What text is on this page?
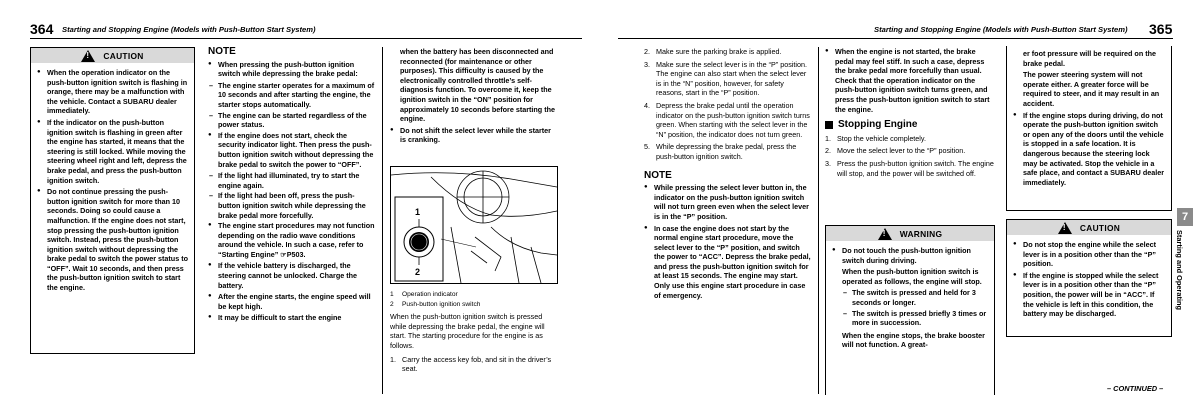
364 Starting and Stopping Engine (Models with Push-Button Start System)
!
CAUTION
● When the operation indicator on the push-button ignition switch is flashing in orange, there may be a malfunction with the vehicle. Contact a SUBARU dealer immediately.
● If the indicator on the push-button ignition switch is flashing in green after the engine has started, it means that the steering is still locked. While moving the steering wheel right and left, depress the brake pedal, and press the push-button ignition switch.
● Do not continue pressing the push-button ignition switch for more than 10 seconds. Doing so could cause a malfunction. If the engine does not start, stop pressing the push-button ignition switch. Instead, press the push-button ignition switch without depressing the brake pedal to switch the power status to “OFF”. Wait 10 seconds, and then press the push-button ignition switch to start the engine.
NOTE
● When pressing the push-button ignition switch while depressing the brake pedal:
– The engine starter operates for a maximum of 10 seconds and after starting the engine, the starter stops automatically.
– The engine can be started regardless of the power status.
● If the engine does not start, check the security indicator light. Then press the push-button ignition switch without depressing the brake pedal to switch the power to “OFF”.
– If the light had illuminated, try to start the engine again.
– If the light had been off, press the push-button ignition switch while depressing the brake pedal more forcefully.
● The engine start procedures may not function depending on the radio wave conditions around the vehicle. In such a case, refer to “Starting Engine” ☞P503.
● If the vehicle battery is discharged, the steering cannot be unlocked. Charge the battery.
● After the engine starts, the engine speed will be kept high.
● It may be difficult to start the engine
when the battery has been disconnected and reconnected (for maintenance or other purposes). This difficulty is caused by the electronically controlled throttle’s self-diagnosis function. To overcome it, keep the ignition switch in the “ON” position for approximately 10 seconds before starting the engine.
● Do not shift the select lever while the starter is cranking.
1
2
1 Operation indicator
2 Push-button ignition switch
When the push-button ignition switch is pressed while depressing the brake pedal, the engine will start. The starting procedure for the engine is as follows.
1. Carry the access key fob, and sit in the driver’s seat.
Starting and Stopping Engine (Models with Push-Button Start System) 365
2. Make sure the parking brake is applied.
3. Make sure the select lever is in the “P” position. The engine can also start when the select lever is in the “N” position, however, for safety reasons, start in the “P” position.
4. Depress the brake pedal until the operation indicator on the push-button ignition switch turns green. When starting with the select lever in the “N” position, the indicator does not turn green.
5. While depressing the brake pedal, press the push-button ignition switch.
NOTE
● While pressing the select lever button in, the indicator on the push-button ignition switch will not turn green even when the select lever is in the “P” position.
● In case the engine does not start by the normal engine start procedure, move the select lever to the “P” position, and switch the power to “ACC”. Depress the brake pedal, and press the push-button ignition switch for at least 15 seconds. The engine may start. Only use this engine start procedure in case of emergency.
● When the engine is not started, the brake pedal may feel stiff. In such a case, depress the brake pedal more forcefully than usual. Check that the operation indicator on the push-button ignition switch turns green, and press the push-button ignition switch to start the engine.
Stopping Engine
1. Stop the vehicle completely.
2. Move the select lever to the “P” position.
3. Press the push-button ignition switch. The engine will stop, and the power will be switched off.
!
WARNING
● Do not touch the push-button ignition switch during driving.
When the push-button ignition switch is operated as follows, the engine will stop.
– The switch is pressed and held for 3 seconds or longer.
– The switch is pressed briefly 3 times or more in succession.
When the engine stops, the brake booster will not function. A great-
er foot pressure will be required on the brake pedal.
The power steering system will not operate either. A greater force will be required to steer, and it may result in an accident.
● If the engine stops during driving, do not operate the push-button ignition switch or open any of the doors until the vehicle is stopped in a safe location. It is dangerous because the steering lock may be activated. Stop the vehicle in a safe place, and contact a SUBARU dealer immediately.
!
CAUTION
● Do not stop the engine while the select lever is in a position other than the “P” position.
● If the engine is stopped while the select lever is in a position other than the “P” position, the power will be in “ACC”. If the vehicle is left in this condition, the battery may be discharged.
7
Starting and Operating
– CONTINUED –
